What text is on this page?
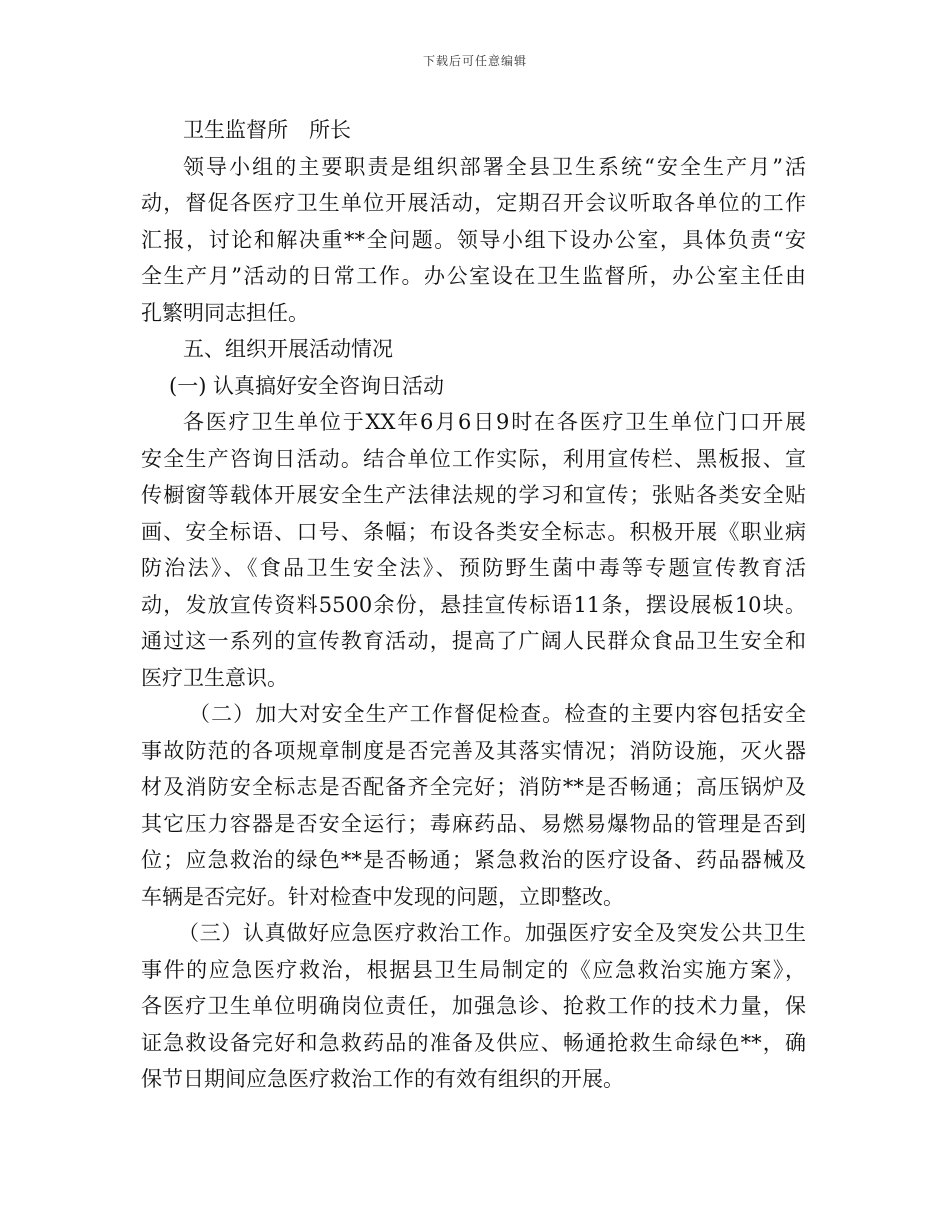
下载后可任意编辑
卫生监督所　所长
领导小组的主要职责是组织部署全县卫生系统“安全生产月”活
动，督促各医疗卫生单位开展活动，定期召开会议听取各单位的工作
汇报，讨论和解决重**全问题。领导小组下设办公室，具体负责“安
全生产月”活动的日常工作。办公室设在卫生监督所，办公室主任由
孔繁明同志担任。
五、组织开展活动情况
(一) 认真搞好安全咨询日活动
各医疗卫生单位于XX年6月6日9时在各医疗卫生单位门口开展
安全生产咨询日活动。结合单位工作实际，利用宣传栏、黑板报、宣
传橱窗等载体开展安全生产法律法规的学习和宣传；张贴各类安全贴
画、安全标语、口号、条幅；布设各类安全标志。积极开展《职业病
防治法》、《食品卫生安全法》、预防野生菌中毒等专题宣传教育活
动，发放宣传资料5500余份，悬挂宣传标语11条，摆设展板10块。
通过这一系列的宣传教育活动，提高了广阔人民群众食品卫生安全和
医疗卫生意识。
（二）加大对安全生产工作督促检查。检查的主要内容包括安全
事故防范的各项规章制度是否完善及其落实情况；消防设施，灭火器
材及消防安全标志是否配备齐全完好；消防**是否畅通；高压锅炉及
其它压力容器是否安全运行；毒麻药品、易燃易爆物品的管理是否到
位；应急救治的绿色**是否畅通；紧急救治的医疗设备、药品器械及
车辆是否完好。针对检查中发现的问题，立即整改。
（三）认真做好应急医疗救治工作。加强医疗安全及突发公共卫生
事件的应急医疗救治，根据县卫生局制定的《应急救治实施方案》，
各医疗卫生单位明确岗位责任，加强急诊、抢救工作的技术力量，保
证急救设备完好和急救药品的准备及供应、畅通抢救生命绿色**，确
保节日期间应急医疗救治工作的有效有组织的开展。
